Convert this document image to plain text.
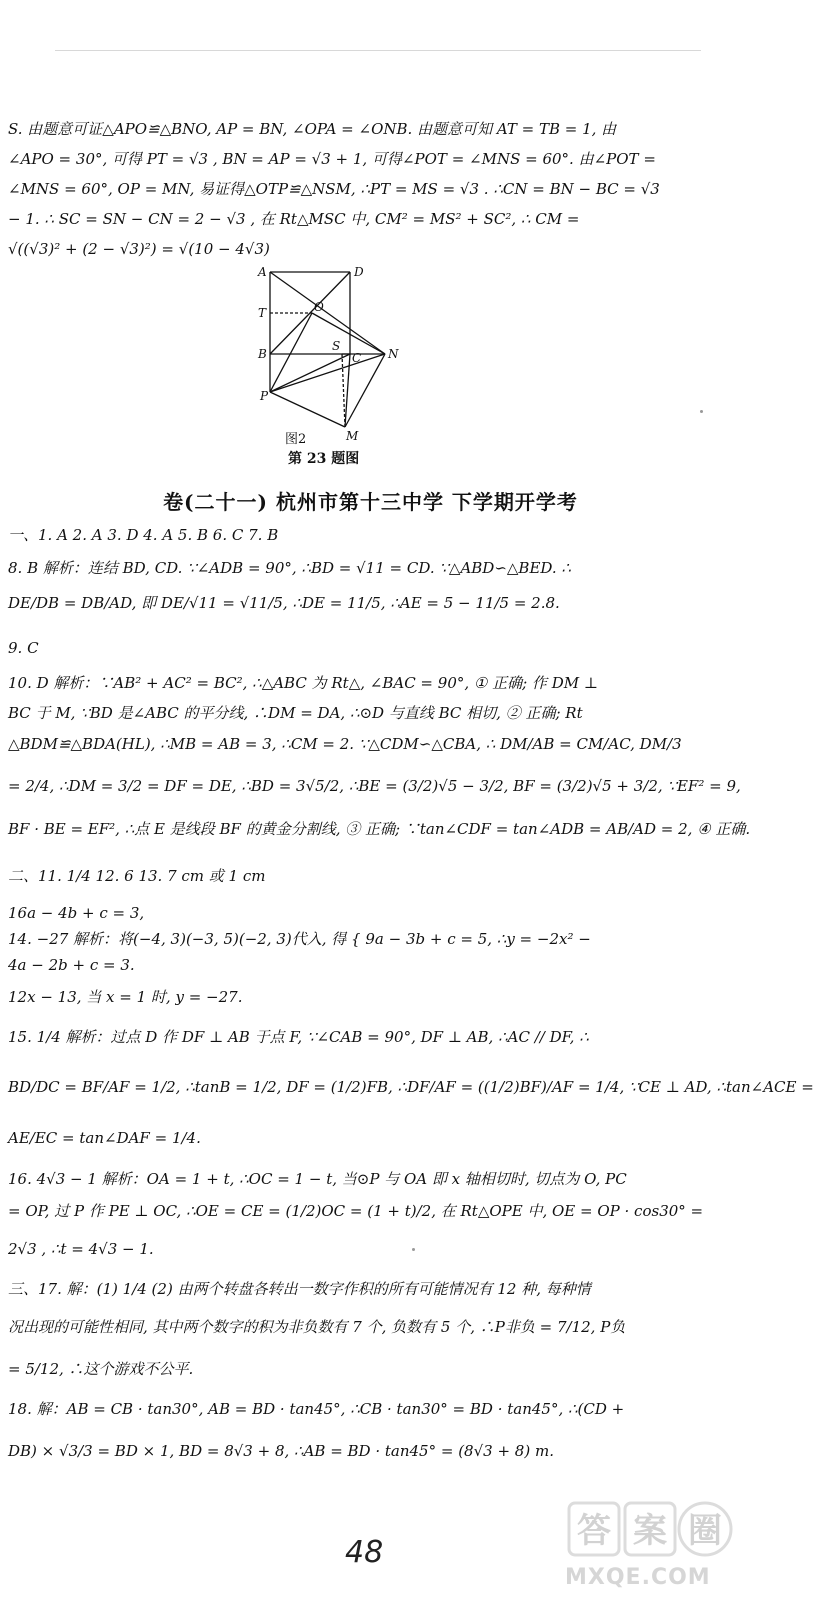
S. 由题意可证△APO≌△BNO, AP = BN, ∠OPA = ∠ONB. 由题意可知 AT = TB = 1, 由
∠APO = 30°, 可得 PT = √3 , BN = AP = √3 + 1, 可得∠POT = ∠MNS = 60°. 由∠POT =
∠MNS = 60°, OP = MN, 易证得△OTP≌△NSM, ∴PT = MS = √3 . ∴CN = BN − BC = √3
− 1. ∴ SC = SN − CN = 2 − √3 , 在 Rt△MSC 中, CM² = MS² + SC², ∴ CM =
√((√3)² + (2 − √3)²) = √(10 − 4√3)
A	D
T	O
B
S
C N
P
M
图2
第 23 题图
卷(二十一) 杭州市第十三中学 下学期开学考
一、1. A 2. A 3. D 4. A 5. B 6. C 7. B
8. B 解析：连结 BD, CD. ∵∠ADB = 90°, ∴BD = √11 = CD. ∵△ABD∽△BED. ∴
DE/DB = DB/AD, 即 DE/√11 = √11/5, ∴DE = 11/5, ∴AE = 5 − 11/5 = 2.8.
9. C
10. D 解析：∵AB² + AC² = BC², ∴△ABC 为 Rt△, ∠BAC = 90°, ① 正确; 作 DM ⊥
BC 于 M, ∵BD 是∠ABC 的平分线, ∴DM = DA, ∴⊙D 与直线 BC 相切, ② 正确; Rt
△BDM≌△BDA(HL), ∴MB = AB = 3, ∴CM = 2. ∵△CDM∽△CBA, ∴ DM/AB = CM/AC, DM/3
= 2/4, ∴DM = 3/2 = DF = DE, ∴BD = 3√5/2, ∴BE = (3/2)√5 − 3/2, BF = (3/2)√5 + 3/2, ∵EF² = 9,
BF · BE = EF², ∴点 E 是线段 BF 的黄金分割线, ③ 正确; ∵tan∠CDF = tan∠ADB = AB/AD = 2, ④ 正确.
二、11. 1/4 12. 6 13. 7 cm 或 1 cm
16a − 4b + c = 3,
14. −27 解析：将(−4, 3)(−3, 5)(−2, 3)代入, 得 { 9a − 3b + c = 5, ∴y = −2x² −
4a − 2b + c = 3.
12x − 13, 当 x = 1 时, y = −27.
15. 1/4 解析：过点 D 作 DF ⊥ AB 于点 F, ∵∠CAB = 90°, DF ⊥ AB, ∴AC // DF, ∴
BD/DC = BF/AF = 1/2, ∴tanB = 1/2, DF = (1/2)FB, ∴DF/AF = ((1/2)BF)/AF = 1/4, ∵CE ⊥ AD, ∴tan∠ACE =
AE/EC = tan∠DAF = 1/4.
16. 4√3 − 1 解析：OA = 1 + t, ∴OC = 1 − t, 当⊙P 与 OA 即 x 轴相切时, 切点为 O, PC
= OP, 过 P 作 PE ⊥ OC, ∴OE = CE = (1/2)OC = (1 + t)/2, 在 Rt△OPE 中, OE = OP · cos30° =
2√3 , ∴t = 4√3 − 1.
三、17. 解：(1) 1/4 (2) 由两个转盘各转出一数字作积的所有可能情况有 12 种, 每种情
况出现的可能性相同, 其中两个数字的积为非负数有 7 个, 负数有 5 个, ∴P非负 = 7/12, P负
= 5/12, ∴这个游戏不公平.
18. 解：AB = CB · tan30°, AB = BD · tan45°, ∴CB · tan30° = BD · tan45°, ∴(CD +
DB) × √3/3 = BD × 1, BD = 8√3 + 8, ∴AB = BD · tan45° = (8√3 + 8) m.
48
答 案 圈
MXQE.COM
